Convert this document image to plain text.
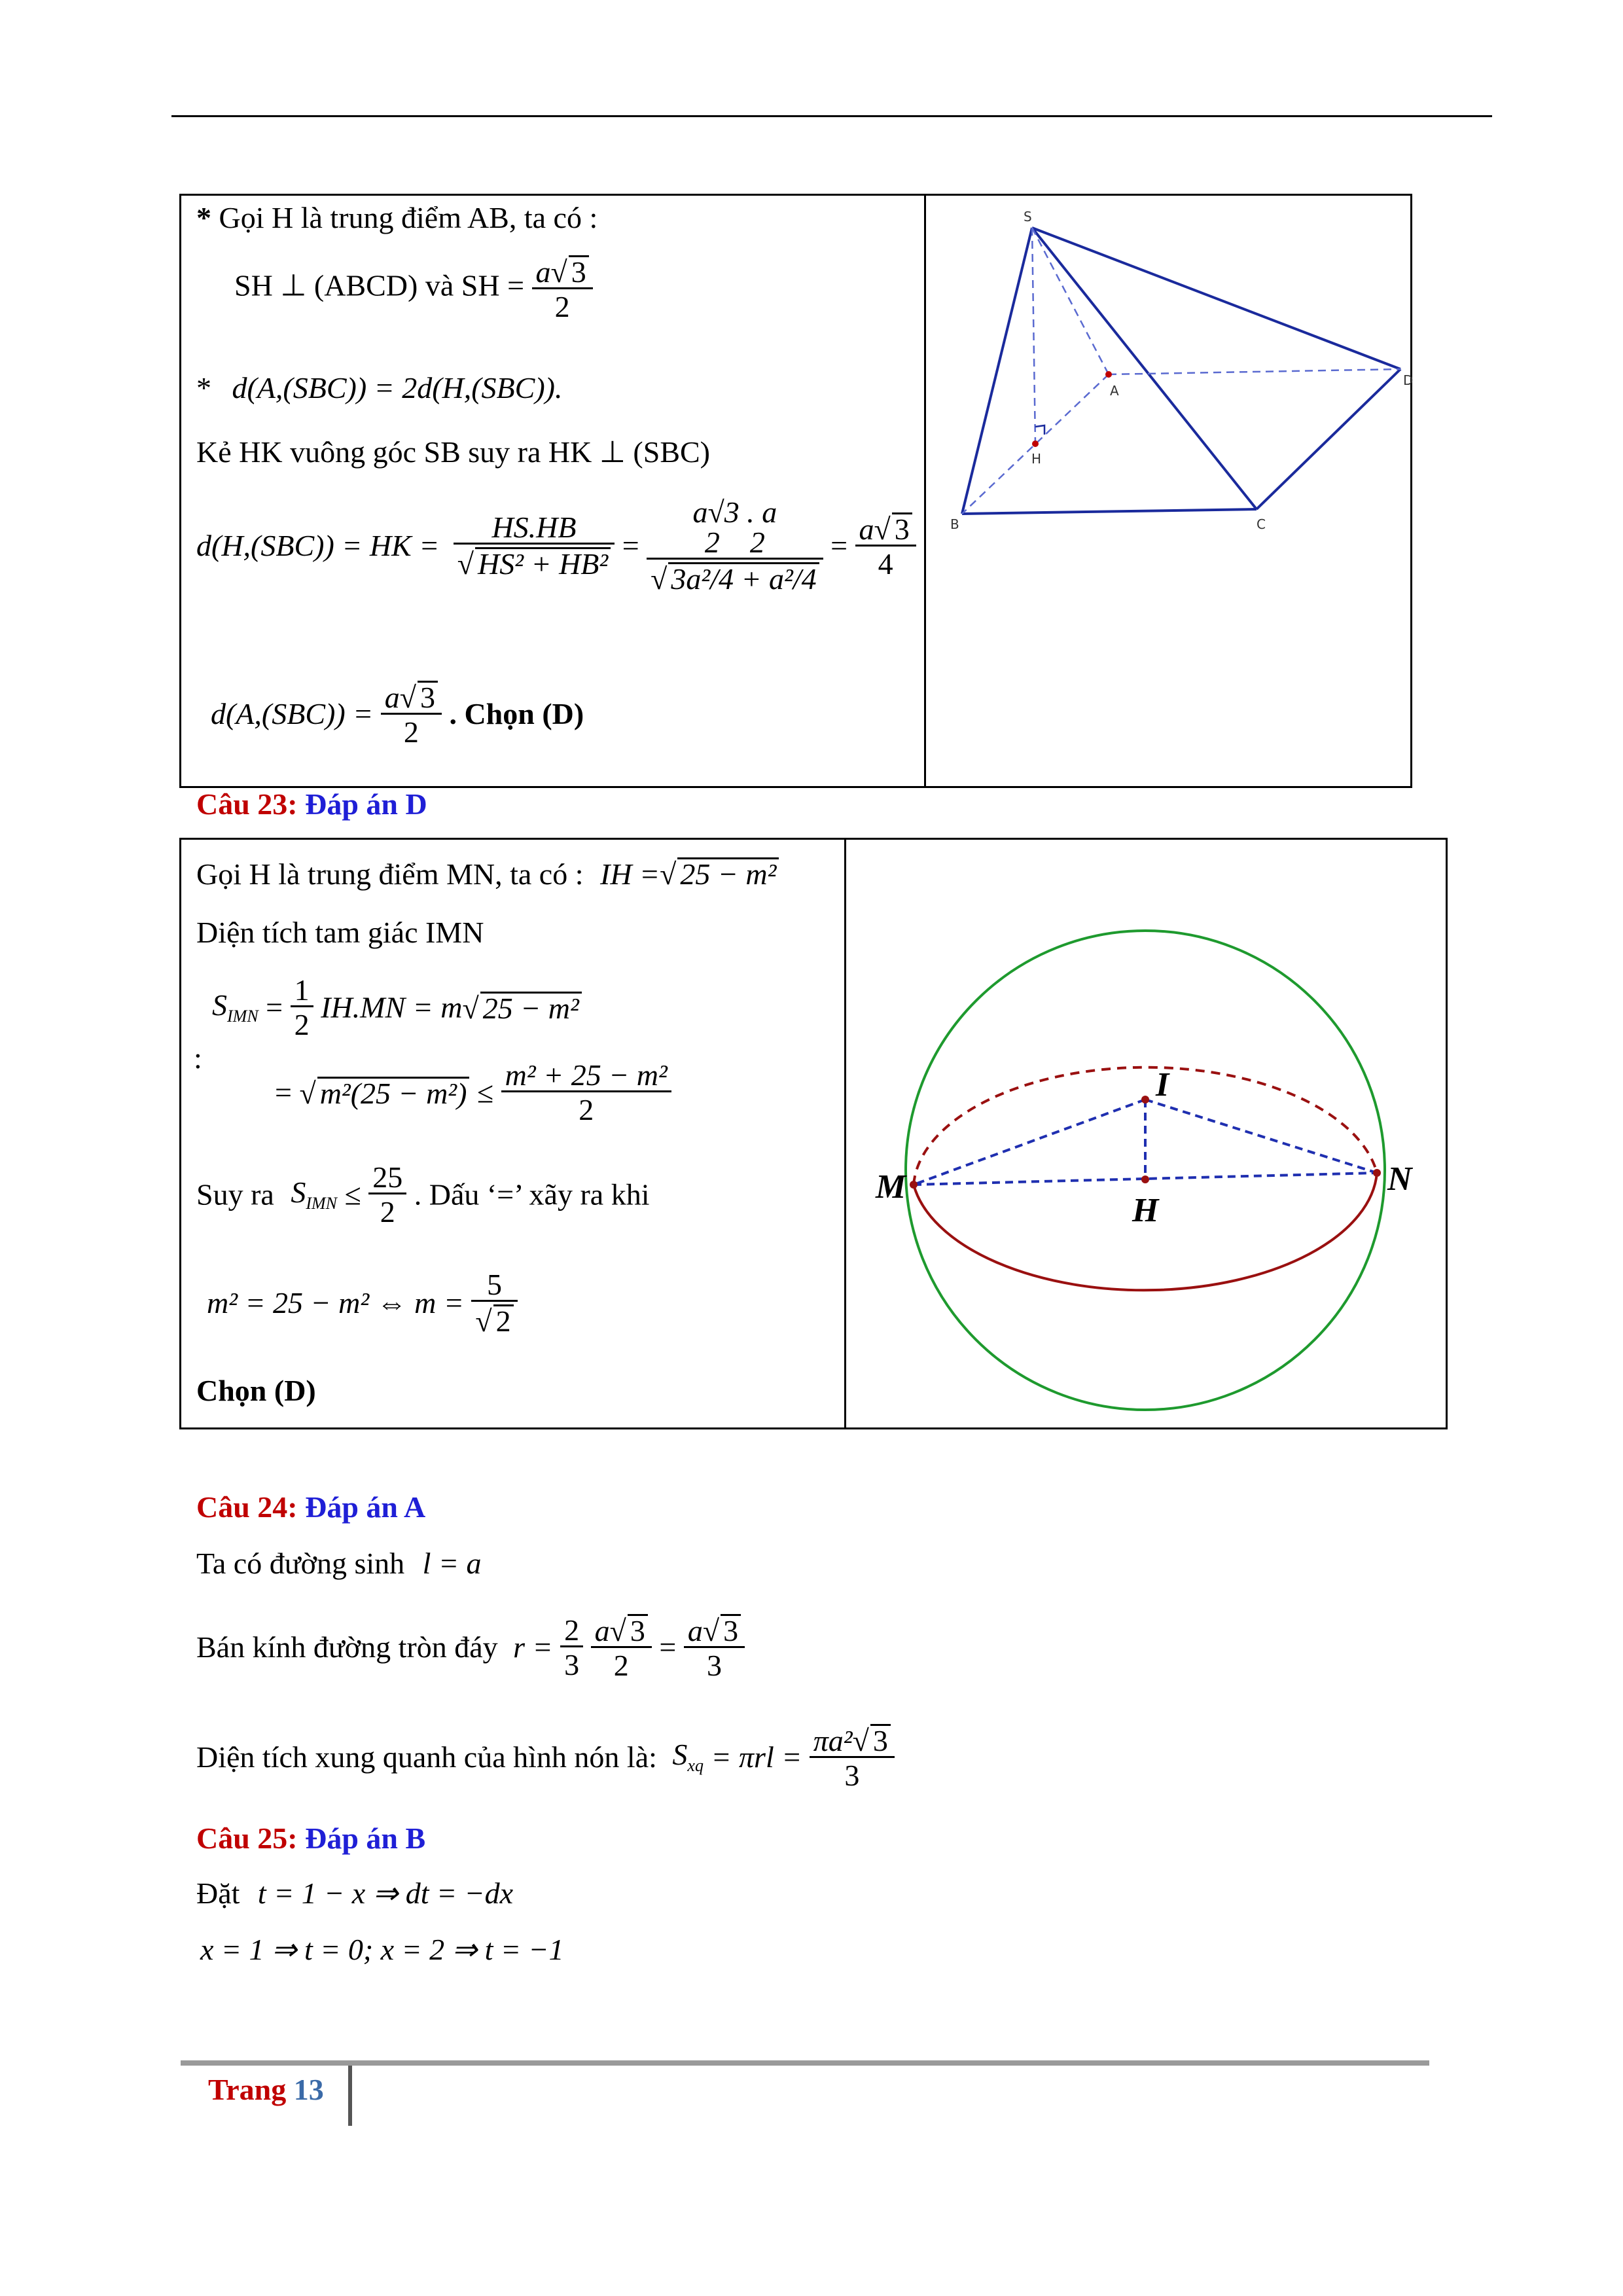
* Gọi H là trung điểm AB, ta có :
SH ⊥ (ABCD) và SH = $\frac{a√ 3}{2}$
* d(A,(SBC)) = 2d(H,(SBC)).
Kẻ HK vuông góc SB suy ra HK ⊥ (SBC)
d(H,(SBC)) = HK = $\frac{HS.HB}{\text{√ HS² + HB²}}$ =
a√3 . a
2    2
√ 3a²/4 + a²/4
= $\frac{a√ 3}{4}$
$d(A,(SBC)) = \frac{a√ 3}{2}$ . Chọn (D)
S
A
D
H
B	C
Câu 23: Đáp án D
Gọi H là trung điểm MN, ta có : IH =√ 25 − m²
Diện tích tam giác IMN
$S_{IMN} = \frac{1}{2} IH.MN = m√$ 25 − m²
:
= √ $m^2(25 - m^2) \le \frac{\text{m² + 25 − m²}}{2}$
Suy ra $S_{IMN} \le \frac{25}{2}$ . Dấu ‘=’ xãy ra khi
m² = 25 − m² ⇔ $m = \frac{5}{√ 2}$
Chọn (D)
I
M	N
H
Câu 24: Đáp án A
Ta có đường sinh l = a
Bán kính đường tròn đáy $r = \frac{2}{3}$
$\frac{a√ 3}{2} = \frac{a√ 3}{3}$
Diện tích xung quanh của hình nón là: $S_{xq} = \pi rl = \frac{\text{πa²√ 3}}{3}$
Câu 25: Đáp án B
Đặt t = 1 − x ⇒ dt = −dx
x = 1 ⇒ t = 0; x = 2 ⇒ t = −1
Trang 13
